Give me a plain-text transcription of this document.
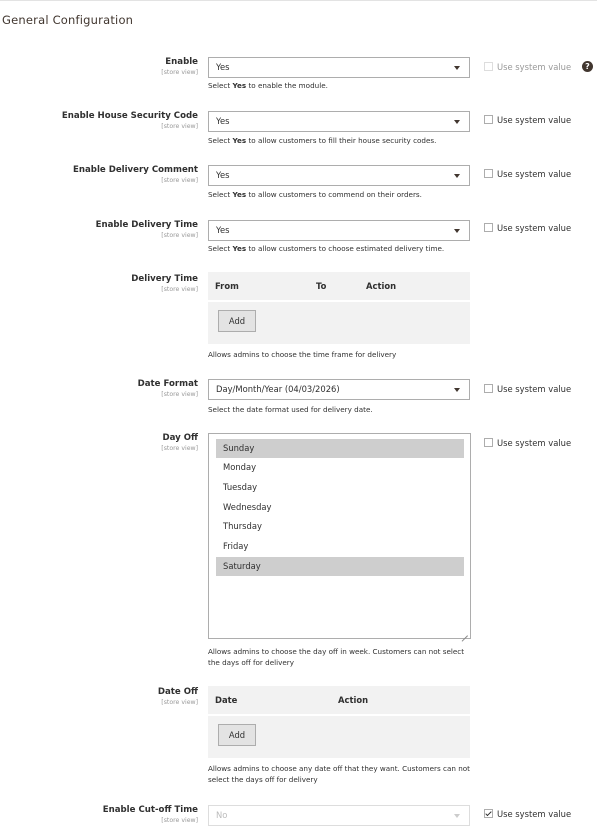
General Configuration
Enable
[store view]
Yes
Select Yes to enable the module.
Use system value	?
Enable House Security Code
[store view]
Yes
Select Yes to allow customers to fill their house security codes.
Use system value
Enable Delivery Comment
[store view]
Yes
Select Yes to allow customers to commend on their orders.
Use system value
Enable Delivery Time
[store view]
Yes
Select Yes to allow customers to choose estimated delivery time.
Use system value
Delivery Time
[store view] From	To	Action
Add
Allows admins to choose the time frame for delivery
Date Format
[store view]
Day/Month/Year (04/03/2026)
Select the date format used for delivery date.
Use system value
Day Off
[store view]	Sunday
Monday
Tuesday
Wednesday
Thursday
Friday
Saturday
Allows admins to choose the day off in week. Customers can not select the days off for delivery
Use system value
Date Off
[store view] Date	Action
Add
Allows admins to choose any date off that they want. Customers can not select the days off for delivery
Enable Cut-off Time
[store view]
No	Use system value
